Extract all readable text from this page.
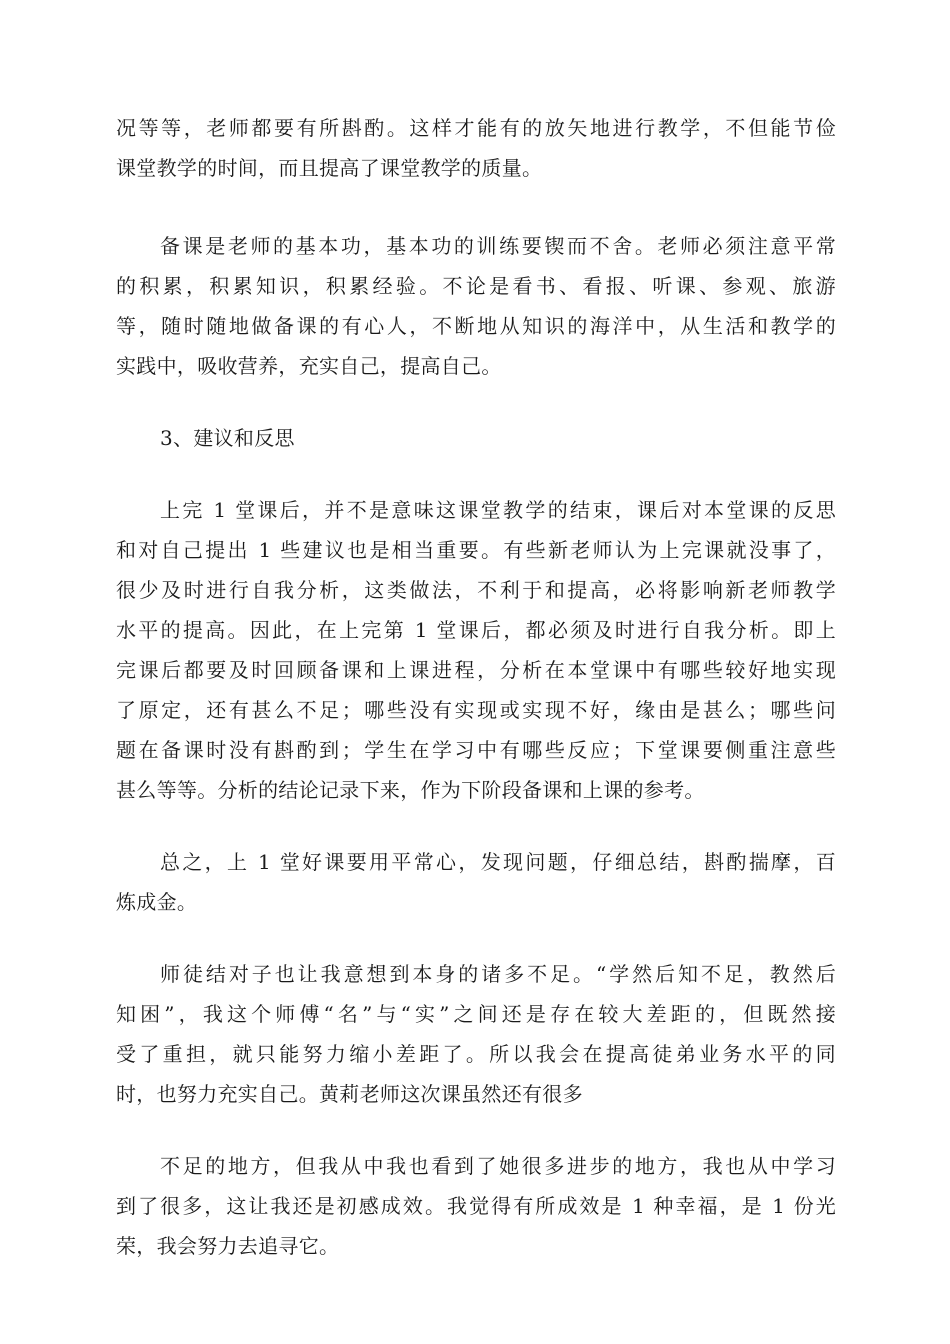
况等等，老师都要有所斟酌。这样才能有的放矢地进行教学，不但能节俭
课堂教学的时间，而且提高了课堂教学的质量。

备课是老师的基本功，基本功的训练要锲而不舍。老师必须注意平常
的积累，积累知识，积累经验。不论是看书、看报、听课、参观、旅游
等，随时随地做备课的有心人，不断地从知识的海洋中，从生活和教学的
实践中，吸收营养，充实自己，提高自己。

3、建议和反思

上完 1 堂课后，并不是意味这课堂教学的结束，课后对本堂课的反思
和对自己提出 1 些建议也是相当重要。有些新老师认为上完课就没事了，
很少及时进行自我分析，这类做法，不利于和提高，必将影响新老师教学
水平的提高。因此，在上完第 1 堂课后，都必须及时进行自我分析。即上
完课后都要及时回顾备课和上课进程，分析在本堂课中有哪些较好地实现
了原定，还有甚么不足；哪些没有实现或实现不好，缘由是甚么；哪些问
题在备课时没有斟酌到；学生在学习中有哪些反应；下堂课要侧重注意些
甚么等等。分析的结论记录下来，作为下阶段备课和上课的参考。

总之，上 1 堂好课要用平常心，发现问题，仔细总结，斟酌揣摩，百
炼成金。

师徒结对子也让我意想到本身的诸多不足。“学然后知不足，教然后
知困”，我这个师傅“名”与“实”之间还是存在较大差距的，但既然接
受了重担，就只能努力缩小差距了。所以我会在提高徒弟业务水平的同
时，也努力充实自己。黄莉老师这次课虽然还有很多

不足的地方，但我从中我也看到了她很多进步的地方，我也从中学习
到了很多，这让我还是初感成效。我觉得有所成效是 1 种幸福，是 1 份光
荣，我会努力去追寻它。
